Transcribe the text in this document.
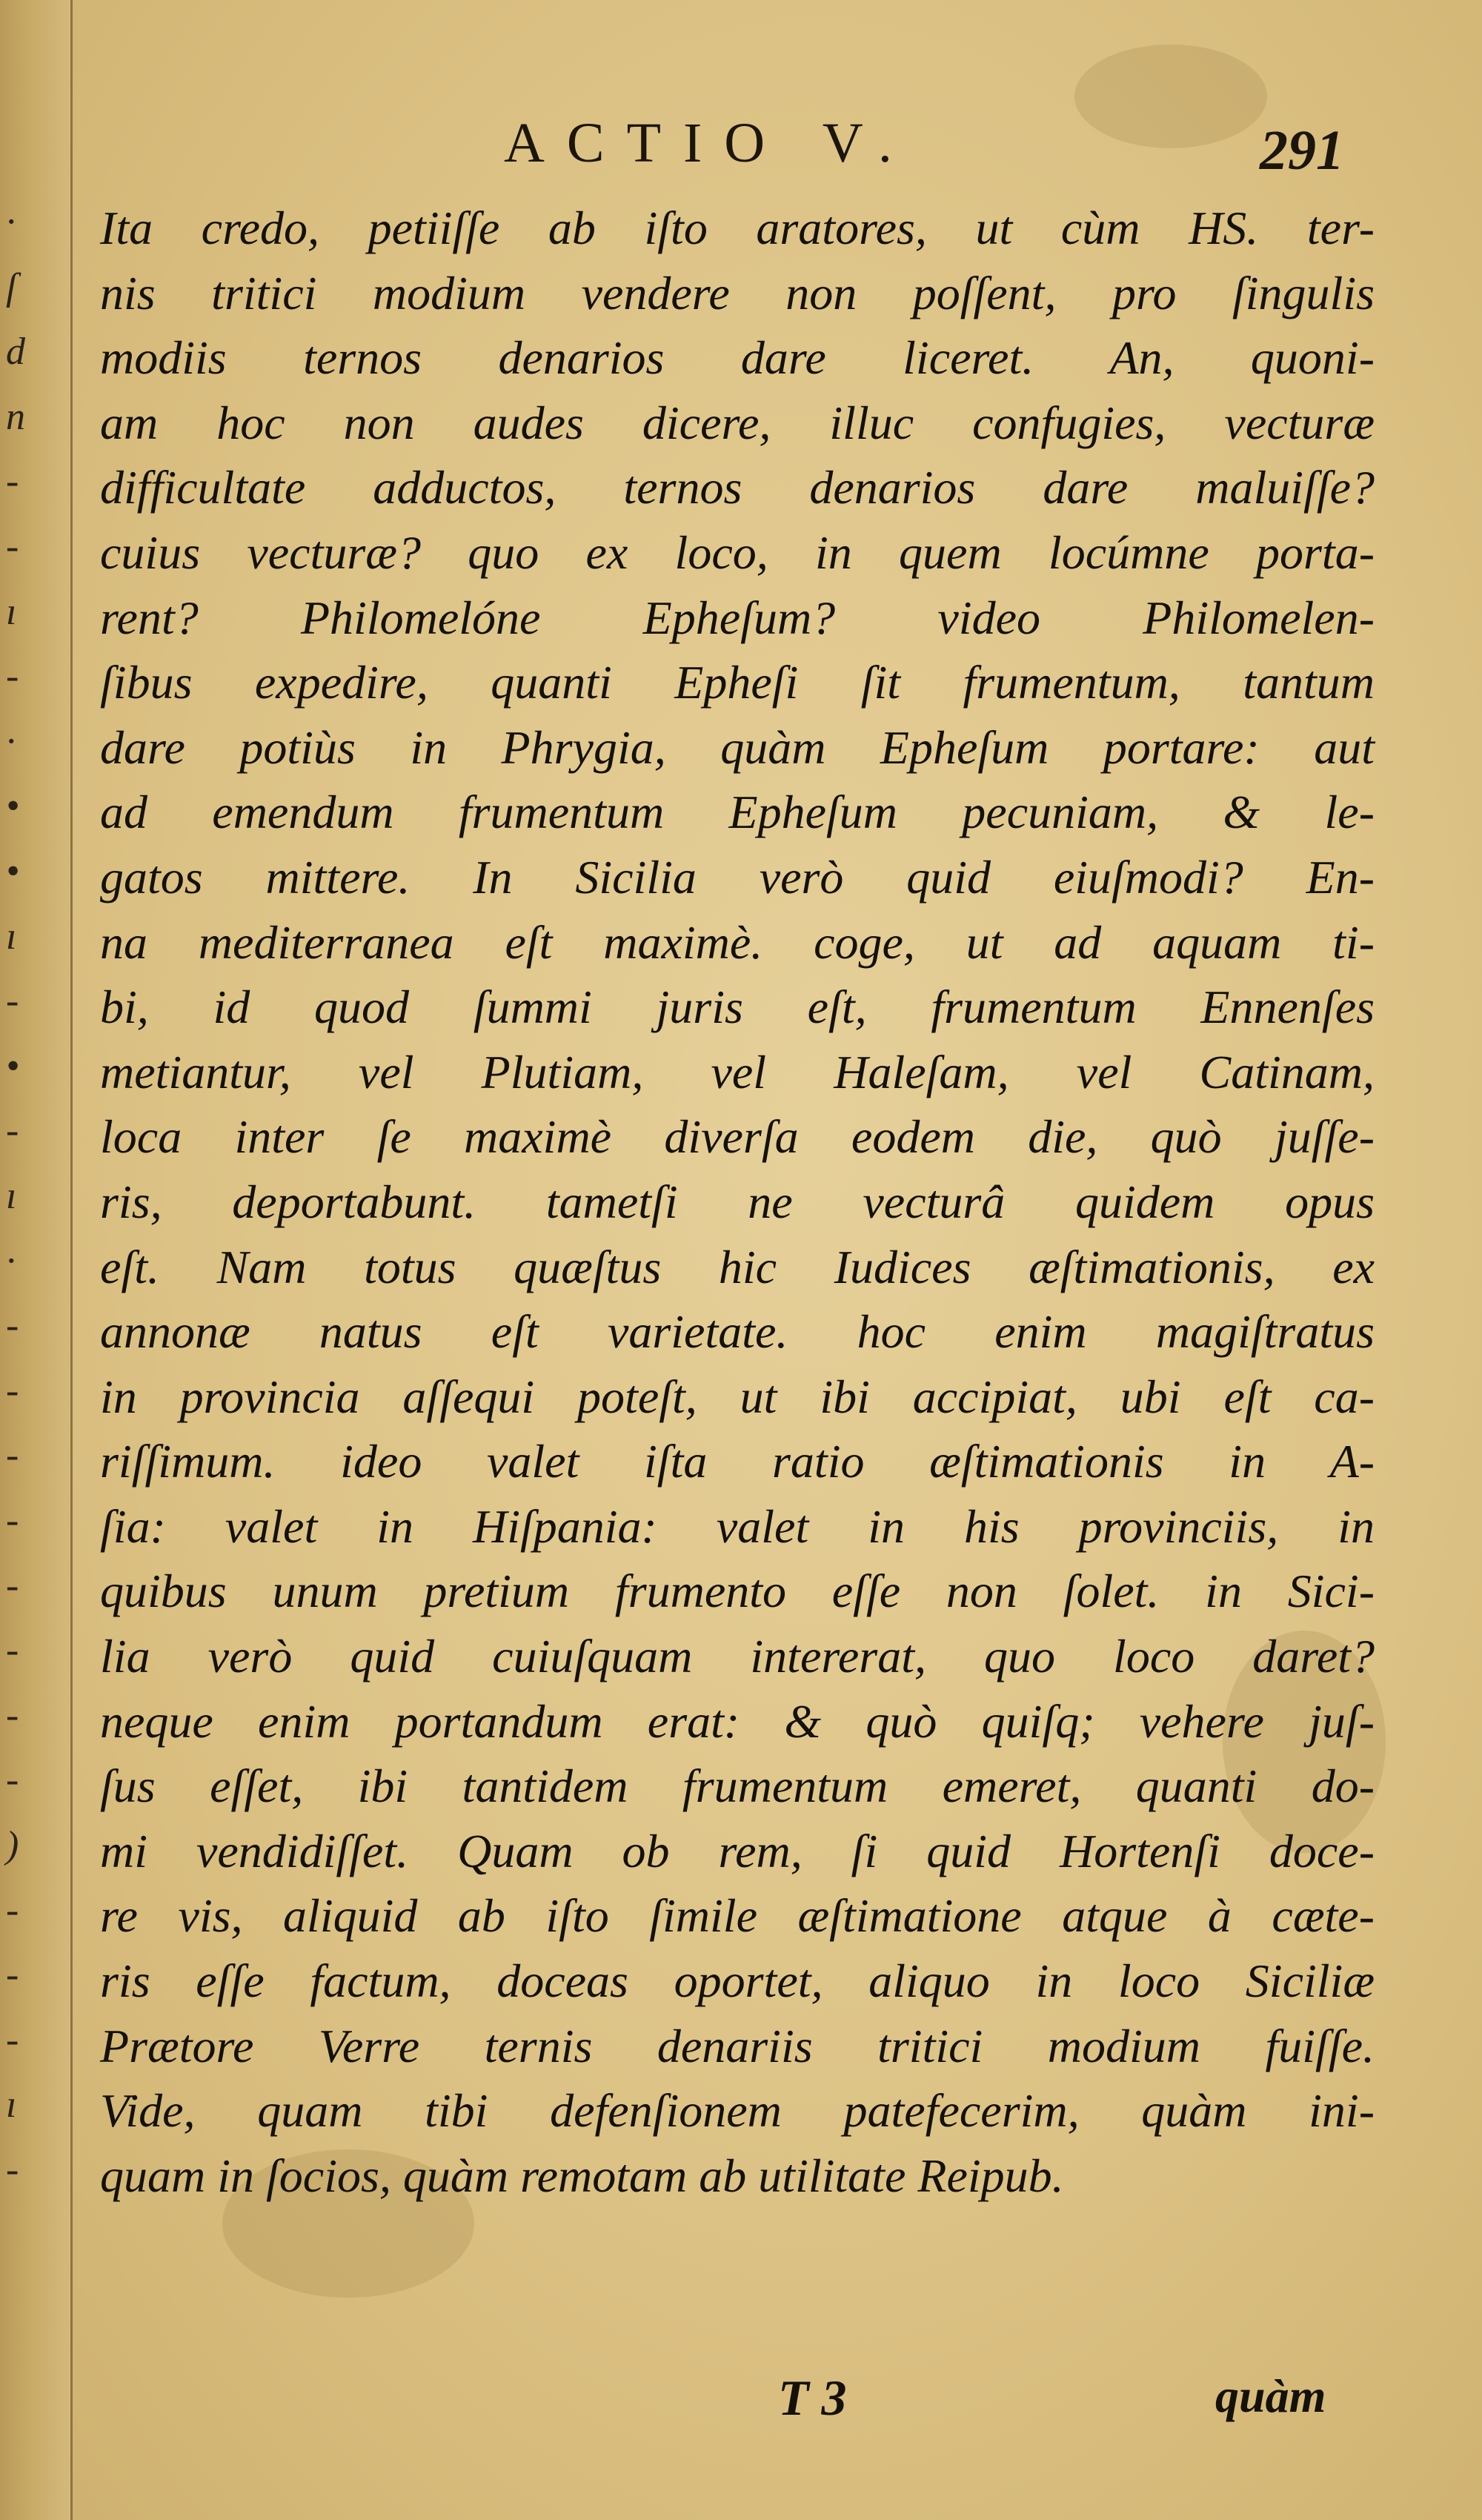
·
ſ
d
n
-
-
ı
-
·
•
•
ı
-
•
-
ı
·
-
-
-
-
-
-
-
-
)
-
-
-
ı
-
ACTIO V.	291
Ita credo, petiiſſe ab iſto aratores, ut cùm HS. ter-
nis tritici modium vendere non poſſent, pro ſingulis
modiis ternos denarios dare liceret. An, quoni-
am hoc non audes dicere, illuc confugies, vecturæ
difficultate adductos, ternos denarios dare maluiſſe?
cuius vecturæ? quo ex loco, in quem locúmne porta-
rent? Philomelóne Epheſum? video Philomelen-
ſibus expedire, quanti Epheſi ſit frumentum, tantum
dare potiùs in Phrygia, quàm Epheſum portare: aut
ad emendum frumentum Epheſum pecuniam, & le-
gatos mittere. In Sicilia verò quid eiuſmodi? En-
na mediterranea eſt maximè. coge, ut ad aquam ti-
bi, id quod ſummi juris eſt, frumentum Ennenſes
metiantur, vel Plutiam, vel Haleſam, vel Catinam,
loca inter ſe maximè diverſa eodem die, quò juſſe-
ris, deportabunt. tametſi ne vecturâ quidem opus
eſt. Nam totus quæſtus hic Iudices æſtimationis, ex
annonæ natus eſt varietate. hoc enim magiſtratus
in provincia aſſequi poteſt, ut ibi accipiat, ubi eſt ca-
riſſimum. ideo valet iſta ratio æſtimationis in A-
ſia: valet in Hiſpania: valet in his provinciis, in
quibus unum pretium frumento eſſe non ſolet. in Sici-
lia verò quid cuiuſquam intererat, quo loco daret?
neque enim portandum erat: & quò quiſq; vehere juſ-
ſus eſſet, ibi tantidem frumentum emeret, quanti do-
mi vendidiſſet. Quam ob rem, ſi quid Hortenſi doce-
re vis, aliquid ab iſto ſimile æſtimatione atque à cæte-
ris eſſe factum, doceas oportet, aliquo in loco Siciliæ
Prætore Verre ternis denariis tritici modium fuiſſe.
Vide, quam tibi defenſionem patefecerim, quàm ini-
quam in ſocios, quàm remotam ab utilitate Reipub.
T 3	quàm
